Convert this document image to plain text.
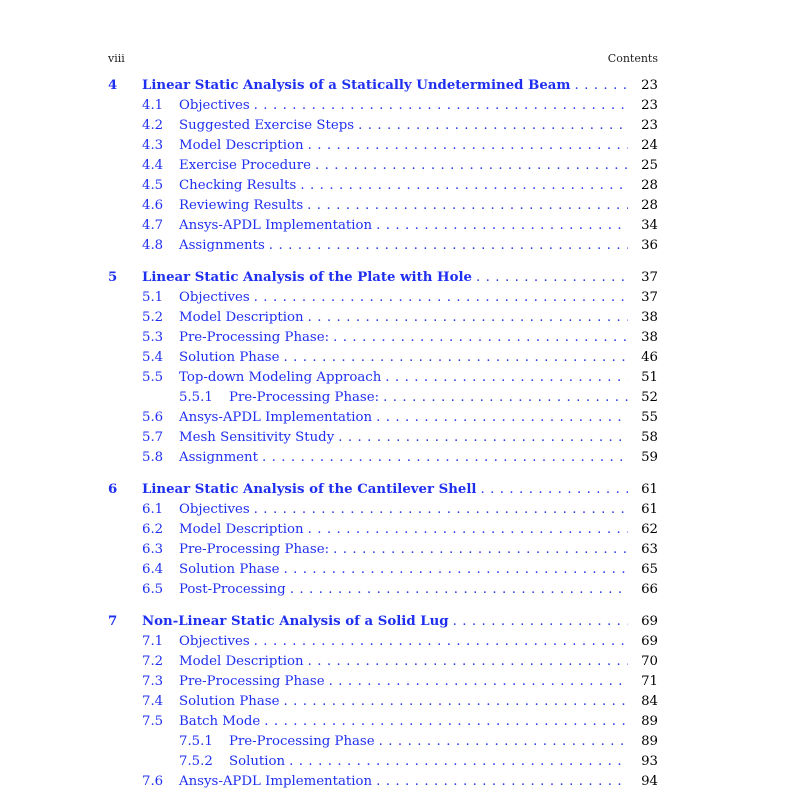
viii	Contents
4	Linear Static Analysis of a Statically Undetermined Beam . . .	23
4.1	Objectives . . .	23
4.2	Suggested Exercise Steps . . .	23
4.3	Model Description . . .	24
4.4	Exercise Procedure . . .	25
4.5	Checking Results . . .	28
4.6	Reviewing Results . . .	28
4.7	Ansys-APDL Implementation . . .	34
4.8	Assignments . . .	36
5	Linear Static Analysis of the Plate with Hole . . .	37
5.1	Objectives . . .	37
5.2	Model Description . . .	38
5.3	Pre-Processing Phase: . . .	38
5.4	Solution Phase . . .	46
5.5	Top-down Modeling Approach . . .	51
5.5.1	Pre-Processing Phase: . . .	52
5.6	Ansys-APDL Implementation . . .	55
5.7	Mesh Sensitivity Study . . .	58
5.8	Assignment . . .	59
6	Linear Static Analysis of the Cantilever Shell . . .	61
6.1	Objectives . . .	61
6.2	Model Description . . .	62
6.3	Pre-Processing Phase: . . .	63
6.4	Solution Phase . . .	65
6.5	Post-Processing . . .	66
7	Non-Linear Static Analysis of a Solid Lug . . .	69
7.1	Objectives . . .	69
7.2	Model Description . . .	70
7.3	Pre-Processing Phase . . .	71
7.4	Solution Phase . . .	84
7.5	Batch Mode . . .	89
7.5.1	Pre-Processing Phase . . .	89
7.5.2	Solution . . .	93
7.6	Ansys-APDL Implementation . . .	94
